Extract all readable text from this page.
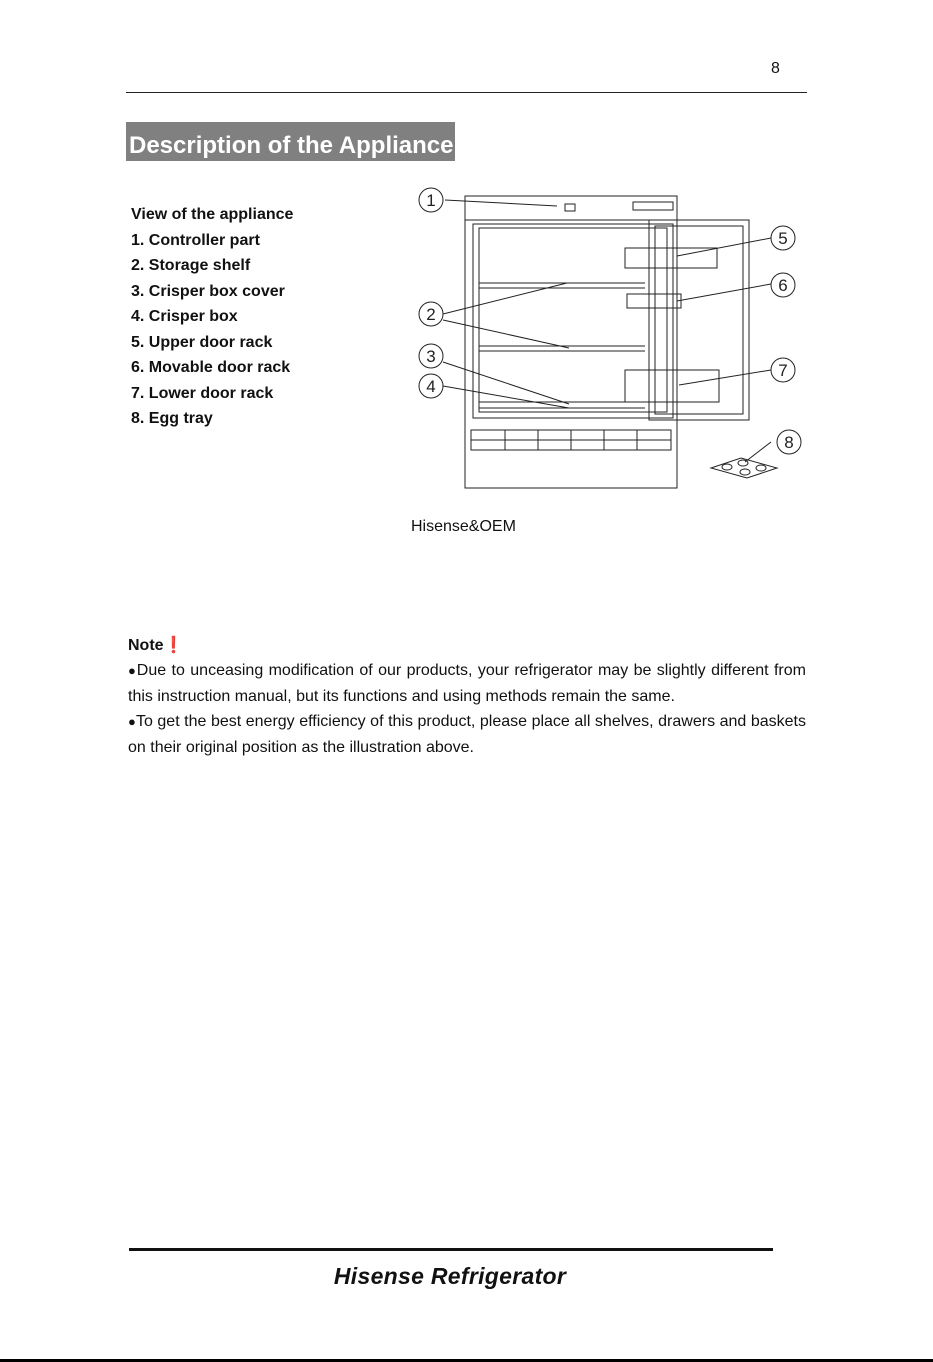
8
Description of the Appliance
View of the appliance
1. Controller part
2. Storage shelf
3. Crisper box cover
4. Crisper box
5. Upper door rack
6. Movable door rack
7. Lower door rack
8. Egg tray
1
2
3
4
5
6
7
8
Hisense&OEM
Note❗

●Due to unceasing modification of our products, your refrigerator may be slightly different from this instruction manual, but its functions and using methods remain the same.

●To get the best energy efficiency of this product, please place all shelves, drawers and baskets on their original position as the illustration above.

Hisense Refrigerator
